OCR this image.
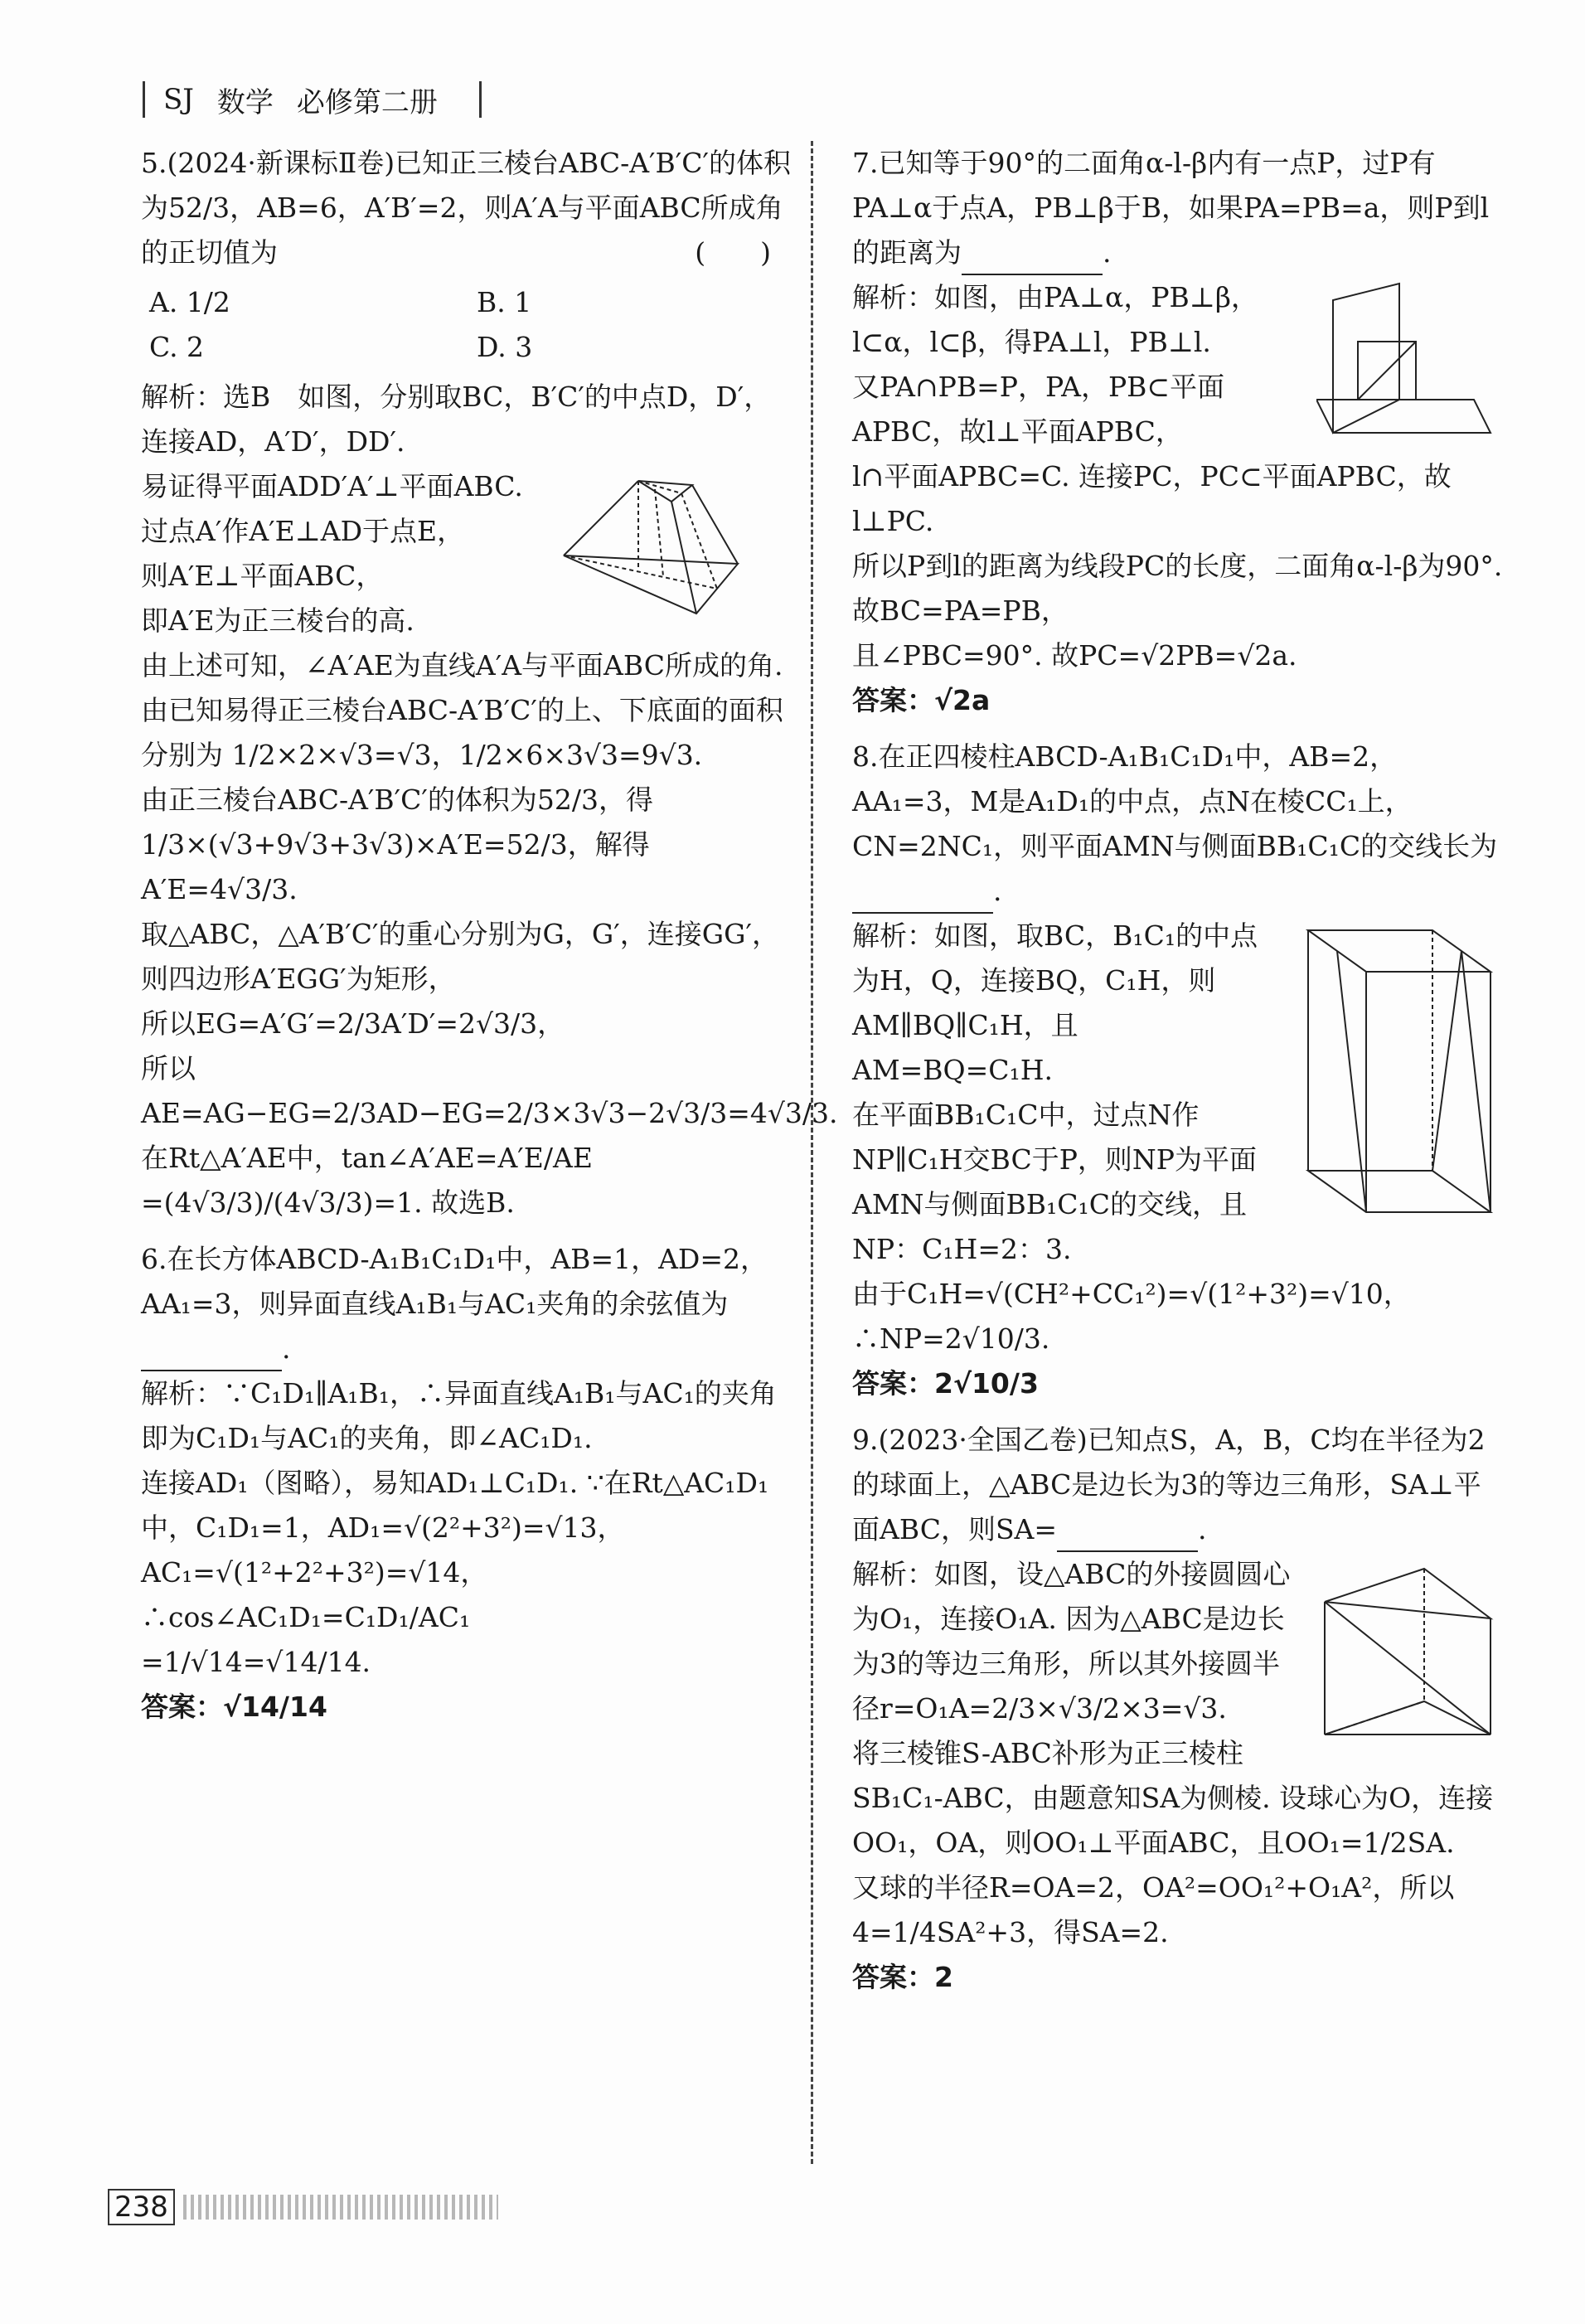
SJ 数学 必修第二册

5.(2024·新课标Ⅱ卷)已知正三棱台ABC-A′B′C′的体积为52/3，AB=6，A′B′=2，则A′A与平面ABC所成角的正切值为	(　　)

A. 1/2	B. 1
C. 2	D. 3

解析：选B　如图，分别取BC，B′C′的中点D，D′，连接AD，A′D′，DD′.

易证得平面ADD′A′⊥平面ABC.

过点A′作A′E⊥AD于点E，

则A′E⊥平面ABC，

即A′E为正三棱台的高.

由上述可知，∠A′AE为直线A′A与平面ABC所成的角.

由已知易得正三棱台ABC-A′B′C′的上、下底面的面积分别为 1/2×2×√3=√3，1/2×6×3√3=9√3.

由正三棱台ABC-A′B′C′的体积为52/3，得1/3×(√3+9√3+3√3)×A′E=52/3，解得A′E=4√3/3.

取△ABC，△A′B′C′的重心分别为G，G′，连接GG′，则四边形A′EGG′为矩形，

所以EG=A′G′=2/3A′D′=2√3/3，

所以AE=AG−EG=2/3AD−EG=2/3×3√3−2√3/3=4√3/3. 在Rt△A′AE中，tan∠A′AE=A′E/AE

=(4√3/3)/(4√3/3)=1. 故选B.

6.在长方体ABCD-A₁B₁C₁D₁中，AB=1，AD=2，AA₁=3，则异面直线A₁B₁与AC₁夹角的余弦值为.

解析：∵C₁D₁∥A₁B₁，∴异面直线A₁B₁与AC₁的夹角即为C₁D₁与AC₁的夹角，即∠AC₁D₁.

连接AD₁（图略），易知AD₁⊥C₁D₁. ∵在Rt△AC₁D₁中，C₁D₁=1，AD₁=√(2²+3²)=√13，

AC₁=√(1²+2²+3²)=√14，∴cos∠AC₁D₁=C₁D₁/AC₁

=1/√14=√14/14.

答案：√14/14

7.已知等于90°的二面角α-l-β内有一点P，过P有PA⊥α于点A，PB⊥β于B，如果PA=PB=a，则P到l的距离为	.

解析：如图，由PA⊥α，PB⊥β，l⊂α，l⊂β，得PA⊥l，PB⊥l.

又PA∩PB=P，PA，PB⊂平面APBC，故l⊥平面APBC，

l∩平面APBC=C. 连接PC，PC⊂平面APBC，故l⊥PC.

所以P到l的距离为线段PC的长度，二面角α-l-β为90°. 故BC=PA=PB，

且∠PBC=90°. 故PC=√2PB=√2a.

答案：√2a

8.在正四棱柱ABCD-A₁B₁C₁D₁中，AB=2，AA₁=3，M是A₁D₁的中点，点N在棱CC₁上，CN=2NC₁，则平面AMN与侧面BB₁C₁C的交线长为.

解析：如图，取BC，B₁C₁的中点为H，Q，连接BQ，C₁H，则AM∥BQ∥C₁H，且AM=BQ=C₁H.

在平面BB₁C₁C中，过点N作NP∥C₁H交BC于P，则NP为平面AMN与侧面BB₁C₁C的交线，且NP：C₁H=2：3.

由于C₁H=√(CH²+CC₁²)=√(1²+3²)=√10，∴NP=2√10/3.

答案：2√10/3

9.(2023·全国乙卷)已知点S，A，B，C均在半径为2的球面上，△ABC是边长为3的等边三角形，SA⊥平面ABC，则SA=	.

解析：如图，设△ABC的外接圆圆心为O₁，连接O₁A. 因为△ABC是边长为3的等边三角形，所以其外接圆半径r=O₁A=2/3×√3/2×3=√3.

将三棱锥S-ABC补形为正三棱柱SB₁C₁-ABC，由题意知SA为侧棱. 设球心为O，连接OO₁，OA，则OO₁⊥平面ABC，且OO₁=1/2SA.

又球的半径R=OA=2，OA²=OO₁²+O₁A²，所以4=1/4SA²+3，得SA=2.

答案：2

238
